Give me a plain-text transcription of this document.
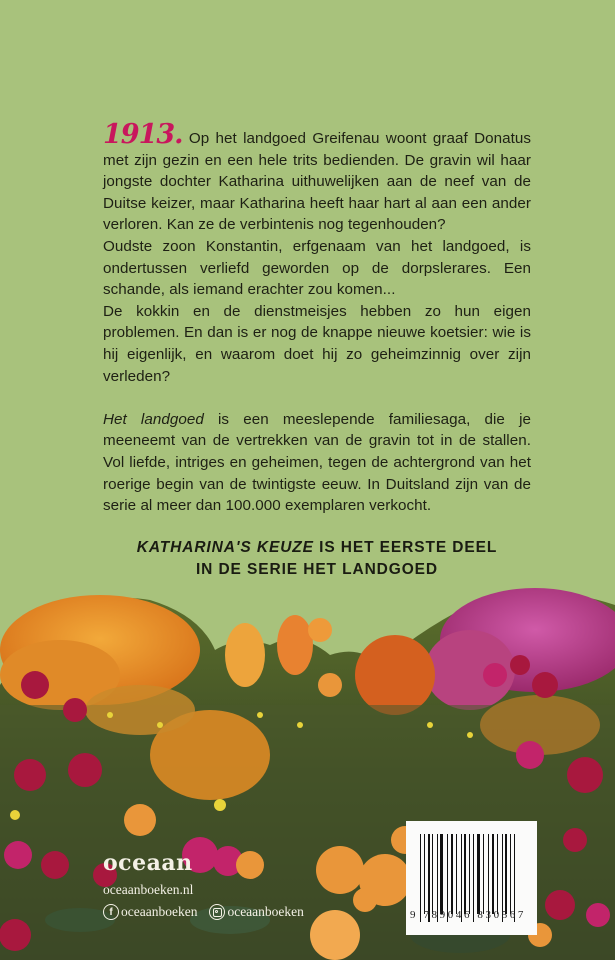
1913. Op het landgoed Greifenau woont graaf Donatus met zijn gezin en een hele trits bedienden. De gravin wil haar jongste dochter Katharina uithuwelijken aan de neef van de Duitse keizer, maar Katharina heeft haar hart al aan een ander verloren. Kan ze de verbintenis nog tegenhouden?

Oudste zoon Konstantin, erfgenaam van het landgoed, is ondertussen verliefd geworden op de dorpslerares. Een schande, als iemand erachter zou komen...

De kokkin en de dienstmeisjes hebben zo hun eigen problemen. En dan is er nog de knappe nieuwe koetsier: wie is hij eigenlijk, en waarom doet hij zo geheimzinnig over zijn verleden?

Het landgoed is een meeslepende familiesaga, die je meeneemt van de vertrekken van de gravin tot in de stallen. Vol liefde, intriges en geheimen, tegen de achtergrond van het roerige begin van de twintigste eeuw. In Duitsland zijn van de serie al meer dan 100.000 exemplaren verkocht.

KATHARINA'S KEUZE IS HET EERSTE DEEL
IN DE SERIE HET LANDGOED
oceaan
oceaanboeken.nl
f oceaanboeken oceaanboeken	9 789046 830567
